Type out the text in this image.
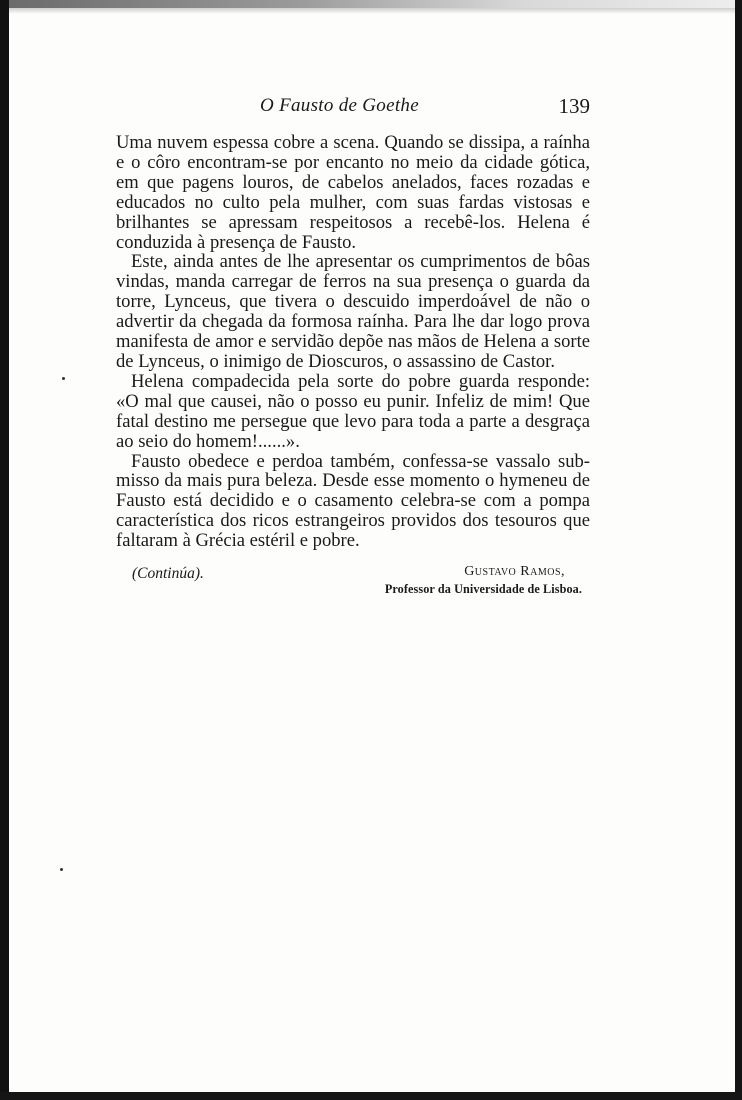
O Fausto de Goethe	139

Uma nuvem espessa cobre a scena. Quando se dissipa, a raínha e o côro encontram-se por encanto no meio da cidade gótica, em que pagens louros, de cabelos anelados, faces rozadas e educados no culto pela mulher, com suas fardas vistosas e brilhantes se apressam respeitosos a recebê-los. Helena é conduzida à presença de Fausto.

Este, ainda antes de lhe apresentar os cumprimentos de bôas vindas, manda carregar de ferros na sua presença o guarda da torre, Lynceus, que tivera o descuido imperdoável de não o advertir da chegada da formosa raínha. Para lhe dar logo prova manifesta de amor e servidão depõe nas mãos de Helena a sorte de Lynceus, o inimigo de Dioscuros, o assassino de Castor.

Helena compadecida pela sorte do pobre guarda responde: «O mal que causei, não o posso eu punir. Infeliz de mim! Que fatal destino me persegue que levo para toda a parte a desgraça ao seio do homem!......».

Fausto obedece e perdoa também, confessa-se vassalo submisso da mais pura beleza. Desde esse momento o hymeneu de Fausto está decidido e o casamento celebra-se com a pompa característica dos ricos estrangeiros providos dos tesouros que faltaram à Grécia estéril e pobre.

(Continúa).	Gustavo Ramos,
Professor da Universidade de Lisboa.
